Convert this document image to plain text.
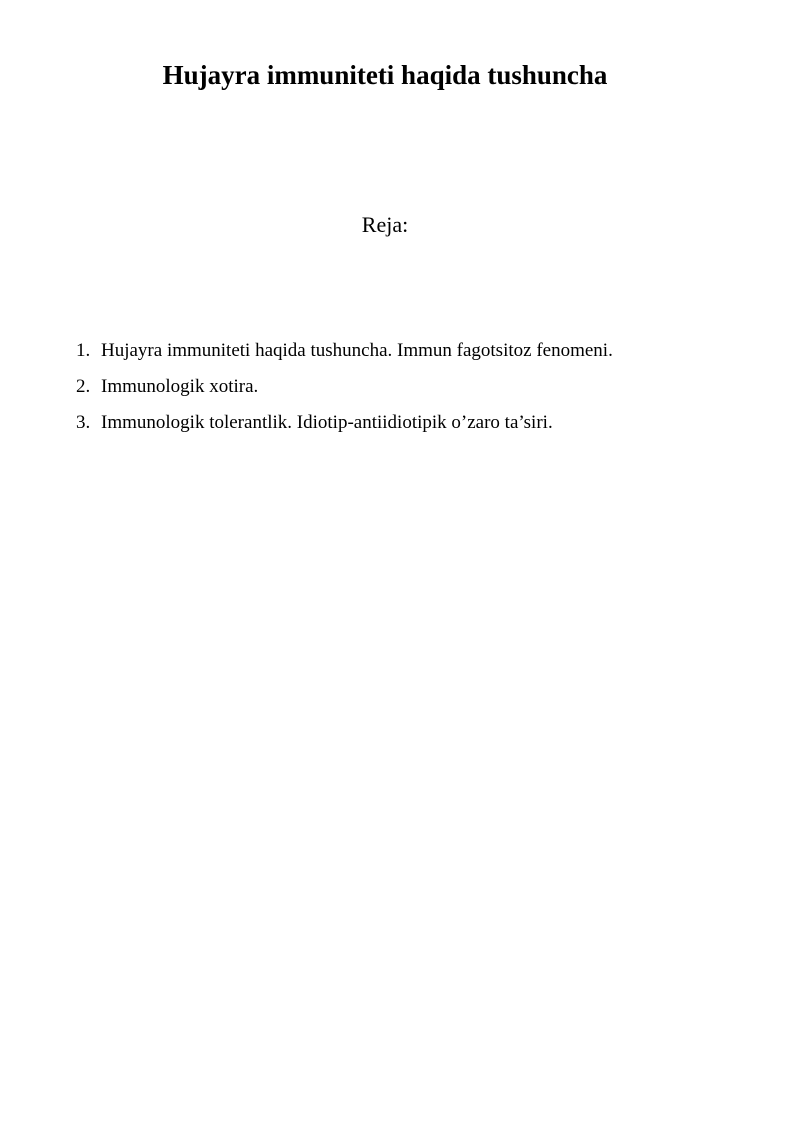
Hujayra immuniteti haqida tushuncha

Reja:

1. Hujayra immuniteti haqida tushuncha. Immun fagotsitoz fenomeni.
2. Immunologik xotira.
3. Immunologik tolerantlik. Idiotip-antiidiotipik o’zaro ta’siri.
